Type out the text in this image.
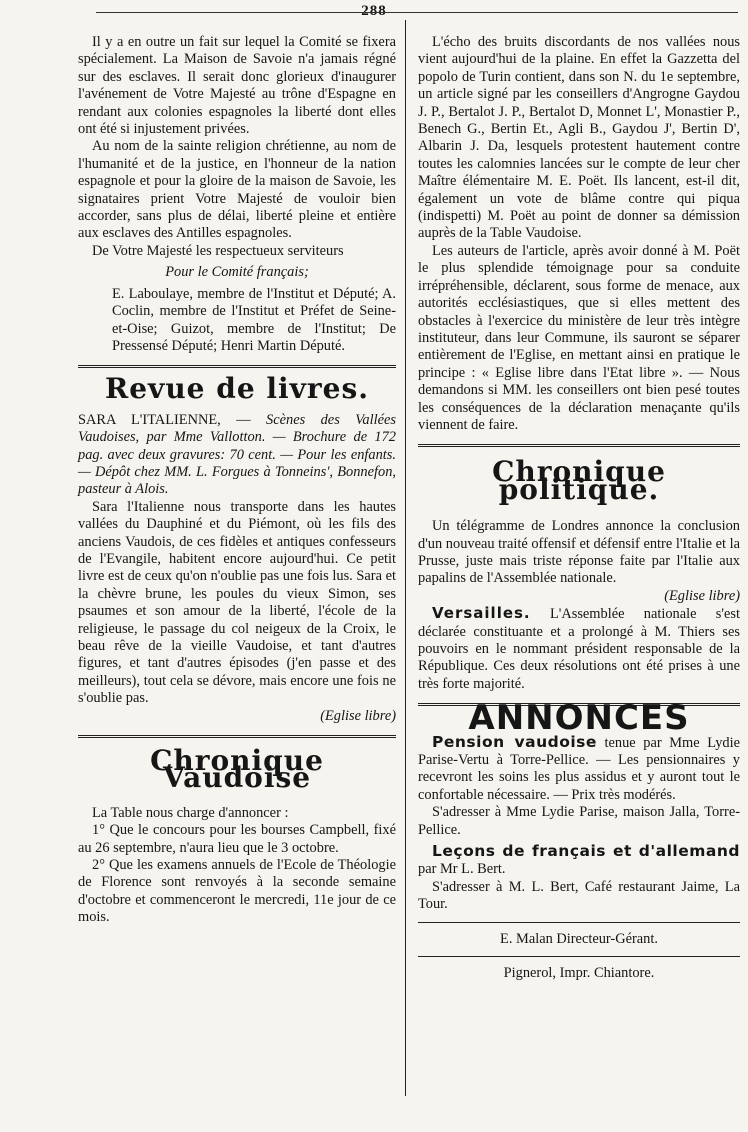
288

Il y a en outre un fait sur lequel la Comité se fixera spécialement. La Maison de Savoie n'a jamais régné sur des esclaves. Il serait donc glorieux d'inaugurer l'avénement de Votre Majesté au trône d'Espagne en rendant aux colonies espagnoles la liberté dont elles ont été si injustement privées.

Au nom de la sainte religion chrétienne, au nom de l'humanité et de la justice, en l'honneur de la nation espagnole et pour la gloire de la maison de Savoie, les signataires prient Votre Majesté de vouloir bien accorder, sans plus de délai, liberté pleine et entière aux esclaves des Antilles espagnoles.

De Votre Majesté les respectueux serviteurs

Pour le Comité français;

E. Laboulaye, membre de l'Institut et Député; A. Coclin, membre de l'Institut et Préfet de Seine-et-Oise; Guizot, membre de l'Institut; De Pressensé Député; Henri Martin Député.

Revue de livres.

SARA L'ITALIENNE, — Scènes des Vallées Vaudoises, par Mme Vallotton. — Brochure de 172 pag. avec deux gravures: 70 cent. — Pour les enfants. — Dépôt chez MM. L. Forgues à Tonneins', Bonnefon, pasteur à Alois.

Sara l'Italienne nous transporte dans les hautes vallées du Dauphiné et du Piémont, où les fils des anciens Vaudois, de ces fidèles et antiques confesseurs de l'Evangile, habitent encore aujourd'hui. Ce petit livre est de ceux qu'on n'oublie pas une fois lus. Sara et la chèvre brune, les poules du vieux Simon, ses psaumes et son amour de la liberté, l'école de la religieuse, le passage du col neigeux de la Croix, le beau rêve de la vieille Vaudoise, et tant d'autres figures, et tant d'autres épisodes (j'en passe et des meilleurs), tout cela se dévore, mais encore une fois ne s'oublie pas.

(Eglise libre)

Chronique Vaudoise

La Table nous charge d'annoncer :

1° Que le concours pour les bourses Campbell, fixé au 26 septembre, n'aura lieu que le 3 octobre.

2° Que les examens annuels de l'Ecole de Théologie de Florence sont renvoyés à la seconde semaine d'octobre et commenceront le mercredi, 11e jour de ce mois.

L'écho des bruits discordants de nos vallées nous vient aujourd'hui de la plaine. En effet la Gazzetta del popolo de Turin contient, dans son N. du 1e septembre, un article signé par les conseillers d'Angrogne Gaydou J. P., Bertalot J. P., Bertalot D, Monnet L', Monastier P., Benech G., Bertin Et., Agli B., Gaydou J', Bertin D', Albarin J. Da, lesquels protestent hautement contre toutes les calomnies lancées sur le compte de leur cher Maître élémentaire M. E. Poët. Ils lancent, est-il dit, également un vote de blâme contre qui piqua (indispetti) M. Poët au point de donner sa démission auprès de la Table Vaudoise.

Les auteurs de l'article, après avoir donné à M. Poët le plus splendide témoignage pour sa conduite irrépréhensible, déclarent, sous forme de menace, aux autorités ecclésiastiques, que si elles mettent des obstacles à l'exercice du ministère de leur très intègre instituteur, dans leur Commune, ils sauront se séparer entièrement de l'Eglise, en mettant ainsi en pratique le principe : « Eglise libre dans l'Etat libre ». — Nous demandons si MM. les conseillers ont bien pesé toutes les conséquences de la déclaration menaçante qu'ils viennent de faire.

Chronique politique.

Un télégramme de Londres annonce la conclusion d'un nouveau traité offensif et défensif entre l'Italie et la Prusse, juste mais triste réponse faite par l'Italie aux papalins de l'Assemblée nationale.

(Eglise libre)

Versailles. L'Assemblée nationale s'est déclarée constituante et a prolongé à M. Thiers ses pouvoirs en le nommant président responsable de la République. Ces deux résolutions ont été prises à une très forte majorité.

ANNONCES

Pension vaudoise tenue par Mme Lydie Parise-Vertu à Torre-Pellice. — Les pensionnaires y recevront les soins les plus assidus et y auront tout le confortable nécessaire. — Prix très modérés.

S'adresser à Mme Lydie Parise, maison Jalla, Torre-Pellice.

Leçons de français et d'allemand par Mr L. Bert.

S'adresser à M. L. Bert, Café restaurant Jaime, La Tour.

E. Malan Directeur-Gérant.

Pignerol, Impr. Chiantore.
